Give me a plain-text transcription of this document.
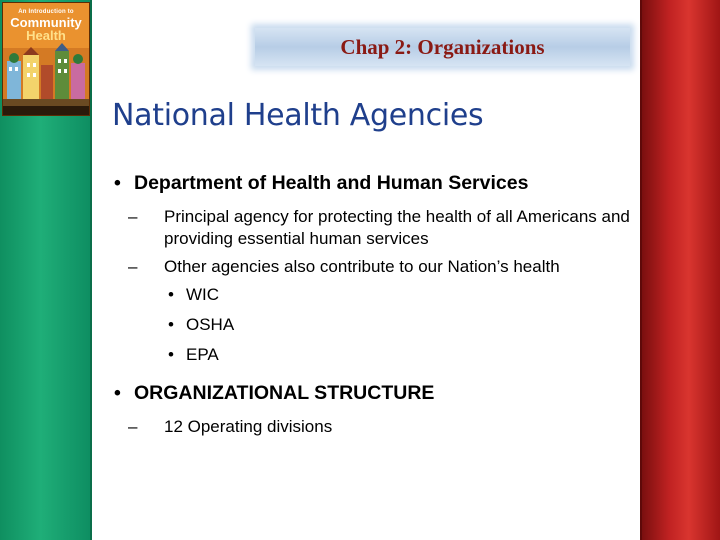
An Introduction to
Community
Health	Chap 2: Organizations
National Health Agencies
• Department of Health and Human Services
– Principal agency for protecting the health of all Americans and providing essential human services
– Other agencies also contribute to our Nation’s health
• WIC
• OSHA
• EPA
• ORGANIZATIONAL STRUCTURE
– 12 Operating divisions
